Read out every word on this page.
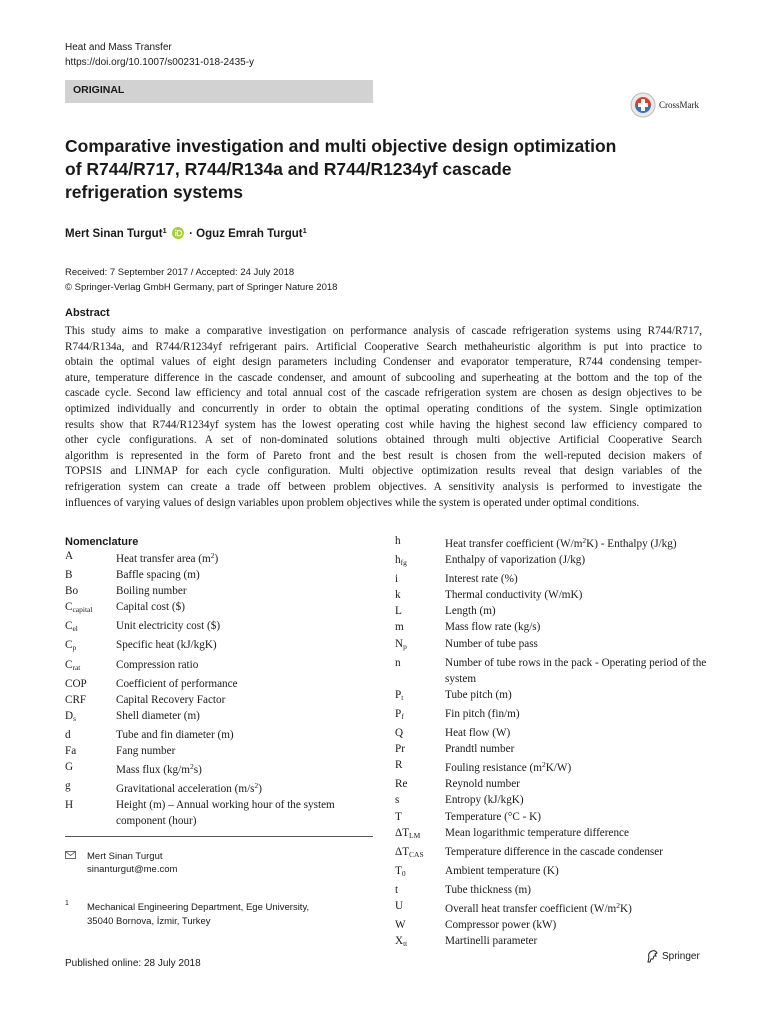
Heat and Mass Transfer
https://doi.org/10.1007/s00231-018-2435-y
ORIGINAL
CrossMark
Comparative investigation and multi objective design optimization
of R744/R717, R744/R134a and R744/R1234yf cascade
refrigeration systems
Mert Sinan Turgut$^1$ · Oguz Emrah Turgut$^1$
Received: 7 September 2017 / Accepted: 24 July 2018
© Springer-Verlag GmbH Germany, part of Springer Nature 2018
Abstract
This study aims to make a comparative investigation on performance analysis of cascade refrigeration systems using R744/R717,
R744/R134a, and R744/R1234yf refrigerant pairs. Artificial Cooperative Search methaheuristic algorithm is put into practice to
obtain the optimal values of eight design parameters including Condenser and evaporator temperature, R744 condensing temper-
ature, temperature difference in the cascade condenser, and amount of subcooling and superheating at the bottom and the top of the
cascade cycle. Second law efficiency and total annual cost of the cascade refrigeration system are chosen as design objectives to be
optimized individually and concurrently in order to obtain the optimal operating conditions of the system. Single optimization
results show that R744/R1234yf system has the lowest operating cost while having the highest second law efficiency compared to
other cycle configurations. A set of non-dominated solutions obtained through multi objective Artificial Cooperative Search
algorithm is represented in the form of Pareto front and the best result is chosen from the well-reputed decision makers of
TOPSIS and LINMAP for each cycle configuration. Multi objective optimization results reveal that design variables of the
refrigeration system can create a trade off between problem objectives. A sensitivity analysis is performed to investigate the
influences of varying values of design variables upon problem objectives while the system is operated under optimal conditions.
Nomenclature
A	Heat transfer area $(m^2)$
B	Baffle spacing (m)
Bo	Boiling number
$C_{capital}$	Capital cost ($)
$C_{el}$	Unit electricity cost ($)
$C_p$	Specific heat (kJ/kgK)
$C_{rat}$	Compression ratio
COP	Coefficient of performance
CRF	Capital Recovery Factor
$D_s$	Shell diameter (m)
d	Tube and fin diameter (m)
Fa	Fang number
G	Mass flux $(kg/m^2s)$
g	Gravitational acceleration $(m/s^2)$
H	Height (m) – Annual working hour of the system component (hour)
h	Heat transfer coefficient $(W/m^2K)$ - Enthalpy (J/kg)
$h_{fg}$	Enthalpy of vaporization (J/kg)
i	Interest rate (%)
k	Thermal conductivity (W/mK)
L	Length (m)
m	Mass flow rate (kg/s)
$N_p$	Number of tube pass
n	Number of tube rows in the pack - Operating period of the system
$P_t$	Tube pitch (m)
$P_f$	Fin pitch (fin/m)
Q	Heat flow (W)
Pr	Prandtl number
R	Fouling resistance $(m^2K/W)$
Re	Reynold number
s	Entropy (kJ/kgK)
T	Temperature (°C - K)
$\Delta T_{LM}$	Mean logarithmic temperature difference
$\Delta T_{CAS}$	Temperature difference in the cascade condenser
$T_0$	Ambient temperature (K)
t	Tube thickness (m)
U	Overall heat transfer coefficient $(W/m^2K)$
W	Compressor power (kW)
$X_{tt}$	Martinelli parameter
Mert Sinan Turgut
sinanturgut@me.com
1 Mechanical Engineering Department, Ege University,
35040 Bornova, İzmir, Turkey
Published online: 28 July 2018
Springer
